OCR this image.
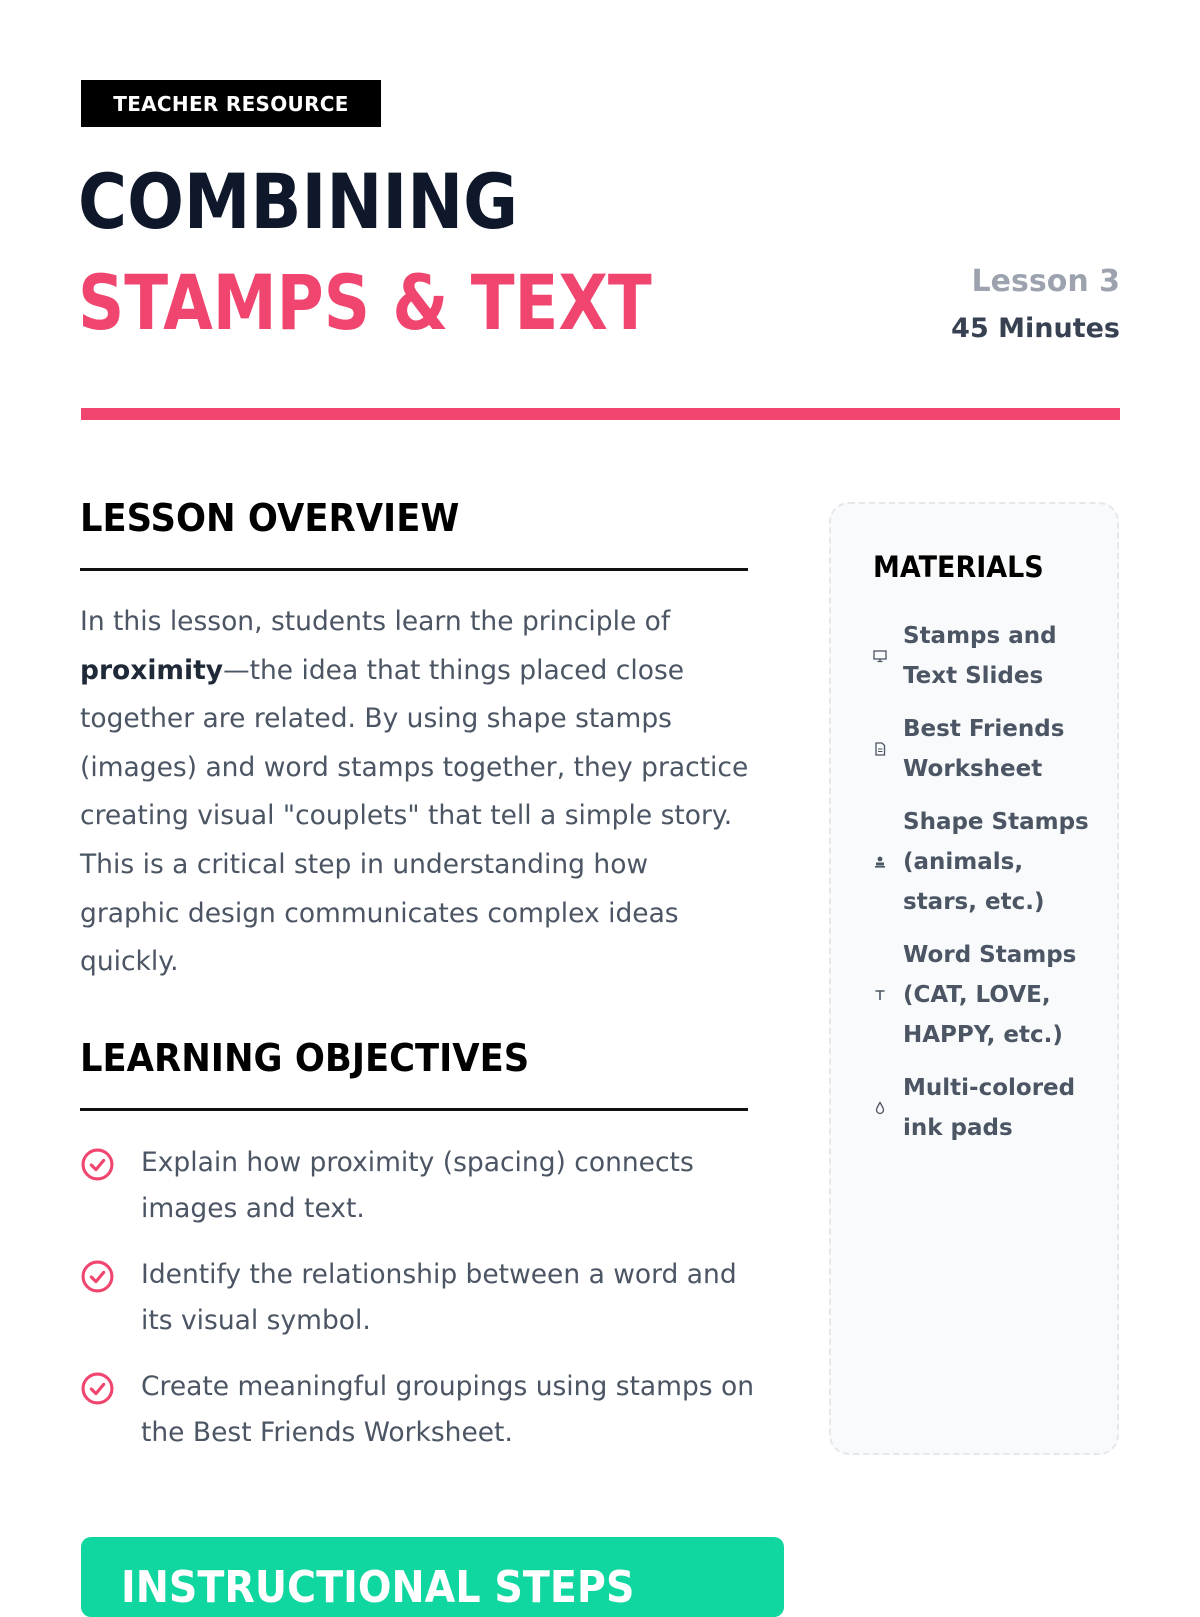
TEACHER RESOURCE
COMBINING
STAMPS & TEXT	Lesson 3
45 Minutes
LESSON OVERVIEW

In this lesson, students learn the principle of proximity—the idea that things placed close together are related. By using shape stamps (images) and word stamps together, they practice creating visual "couplets" that tell a simple story. This is a critical step in understanding how graphic design communicates complex ideas quickly.

LEARNING OBJECTIVES
Explain how proximity (spacing) connects images and text.
Identify the relationship between a word and its visual symbol.
Create meaningful groupings using stamps on the Best Friends Worksheet.
MATERIALS
Stamps and Text Slides
Best Friends Worksheet
Shape Stamps (animals, stars, etc.)
Word Stamps (CAT, LOVE, HAPPY, etc.)
Multi-colored ink pads
INSTRUCTIONAL STEPS
